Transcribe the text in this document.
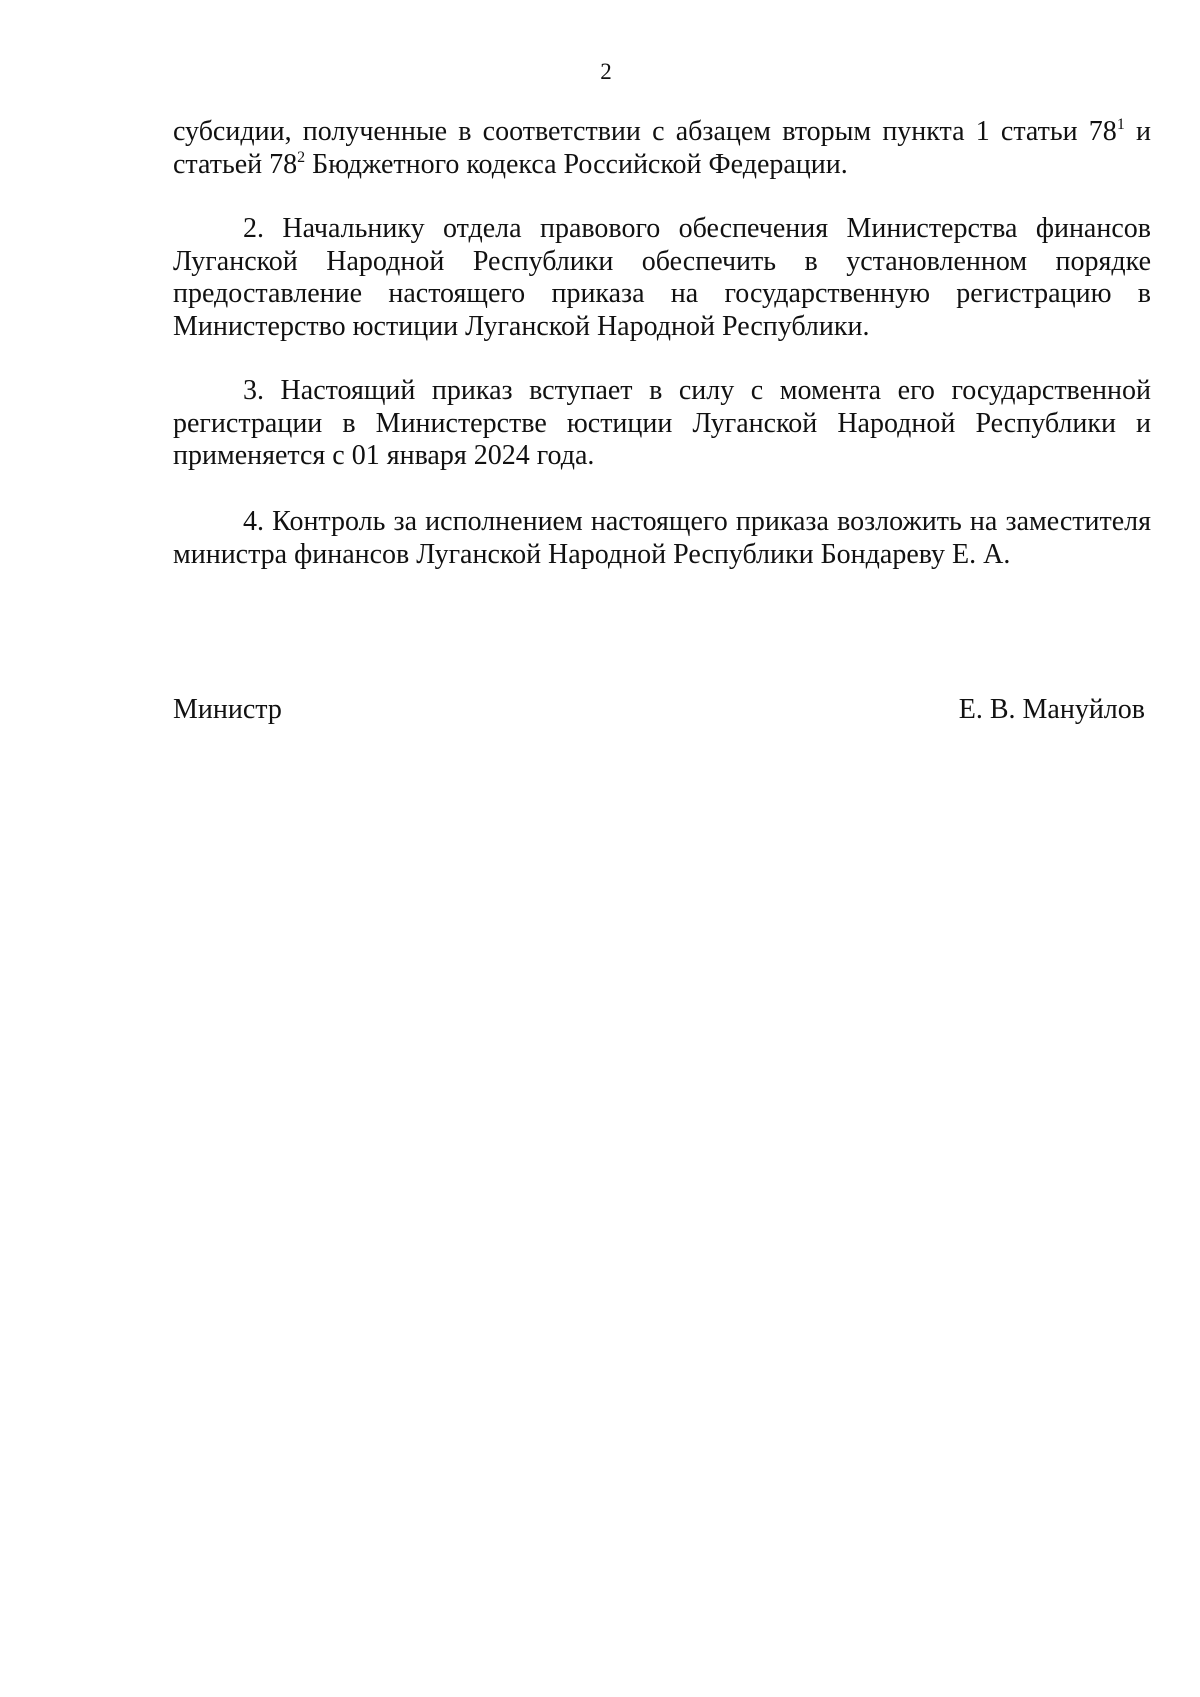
2

субсидии, полученные в соответствии с абзацем вторым пункта 1 статьи $78^1$ и статьей $78^2$ Бюджетного кодекса Российской Федерации.

2. Начальнику отдела правового обеспечения Министерства финансов Луганской Народной Республики обеспечить в установленном порядке предоставление настоящего приказа на государственную регистрацию в Министерство юстиции Луганской Народной Республики.

3. Настоящий приказ вступает в силу с момента его государственной регистрации в Министерстве юстиции Луганской Народной Республики и применяется с 01 января 2024 года.

4. Контроль за исполнением настоящего приказа возложить на заместителя министра финансов Луганской Народной Республики Бондареву Е. А.

Министр	Е. В. Мануйлов
